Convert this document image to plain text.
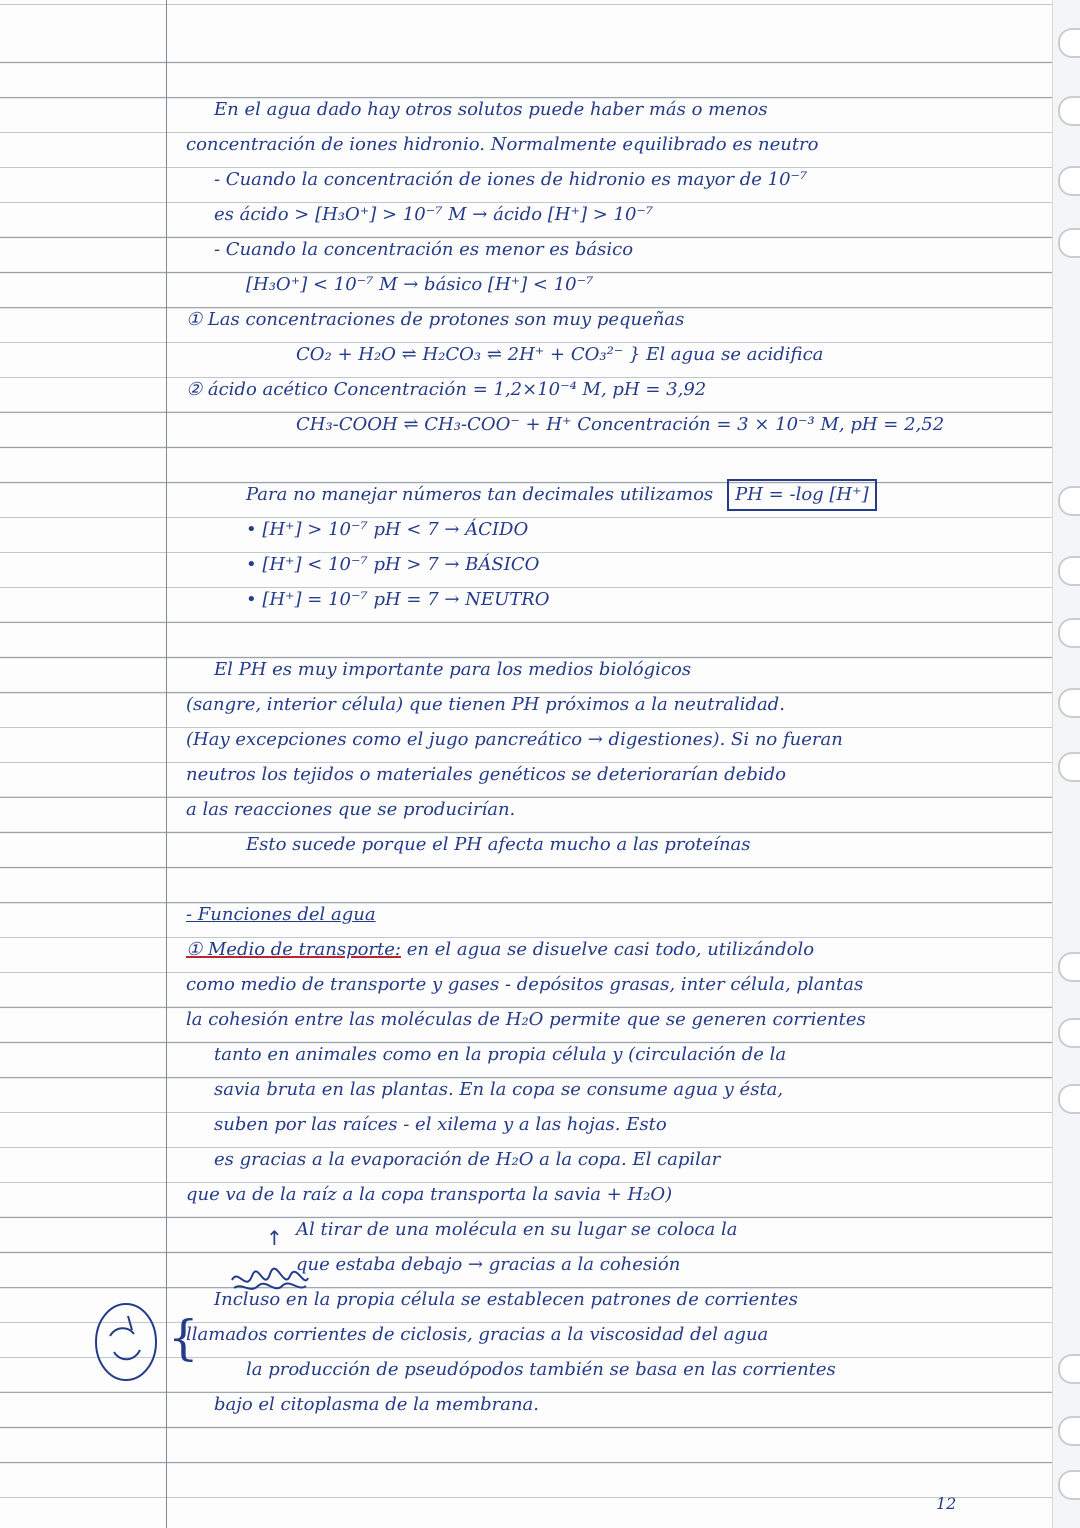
En el agua dado hay otros solutos puede haber más o menos
concentración de iones hidronio. Normalmente equilibrado es neutro
- Cuando la concentración de iones de hidronio es mayor de 10⁻⁷
es ácido > [H₃O⁺] > 10⁻⁷ M → ácido [H⁺] > 10⁻⁷
- Cuando la concentración es menor es básico
[H₃O⁺] < 10⁻⁷ M → básico [H⁺] < 10⁻⁷
① Las concentraciones de protones son muy pequeñas
CO₂ + H₂O ⇌ H₂CO₃ ⇌ 2H⁺ + CO₃²⁻ } El agua se acidifica
② ácido acético Concentración = 1,2×10⁻⁴ M, pH = 3,92
CH₃-COOH ⇌ CH₃-COO⁻ + H⁺ Concentración = 3 × 10⁻³ M, pH = 2,52
Para no manejar números tan decimales utilizamos PH = -log [H⁺]
• [H⁺] > 10⁻⁷ pH < 7 → ÁCIDO
• [H⁺] < 10⁻⁷ pH > 7 → BÁSICO
• [H⁺] = 10⁻⁷ pH = 7 → NEUTRO
El PH es muy importante para los medios biológicos
(sangre, interior célula) que tienen PH próximos a la neutralidad.
(Hay excepciones como el jugo pancreático → digestiones). Si no fueran
neutros los tejidos o materiales genéticos se deteriorarían debido
a las reacciones que se producirían.
Esto sucede porque el PH afecta mucho a las proteínas
- Funciones del agua
① Medio de transporte: en el agua se disuelve casi todo, utilizándolo
como medio de transporte y gases - depósitos grasas, inter célula, plantas
la cohesión entre las moléculas de H₂O permite que se generen corrientes
tanto en animales como en la propia célula y (circulación de la
savia bruta en las plantas. En la copa se consume agua y ésta,
suben por las raíces - el xilema y a las hojas. Esto
es gracias a la evaporación de H₂O a la copa. El capilar
que va de la raíz a la copa transporta la savia + H₂O)
Al tirar de una molécula en su lugar se coloca la
que estaba debajo → gracias a la cohesión
Incluso en la propia célula se establecen patrones de corrientes
llamados corrientes de ciclosis, gracias a la viscosidad del agua
la producción de pseudópodos también se basa en las corrientes
bajo el citoplasma de la membrana.
↑
{
12
